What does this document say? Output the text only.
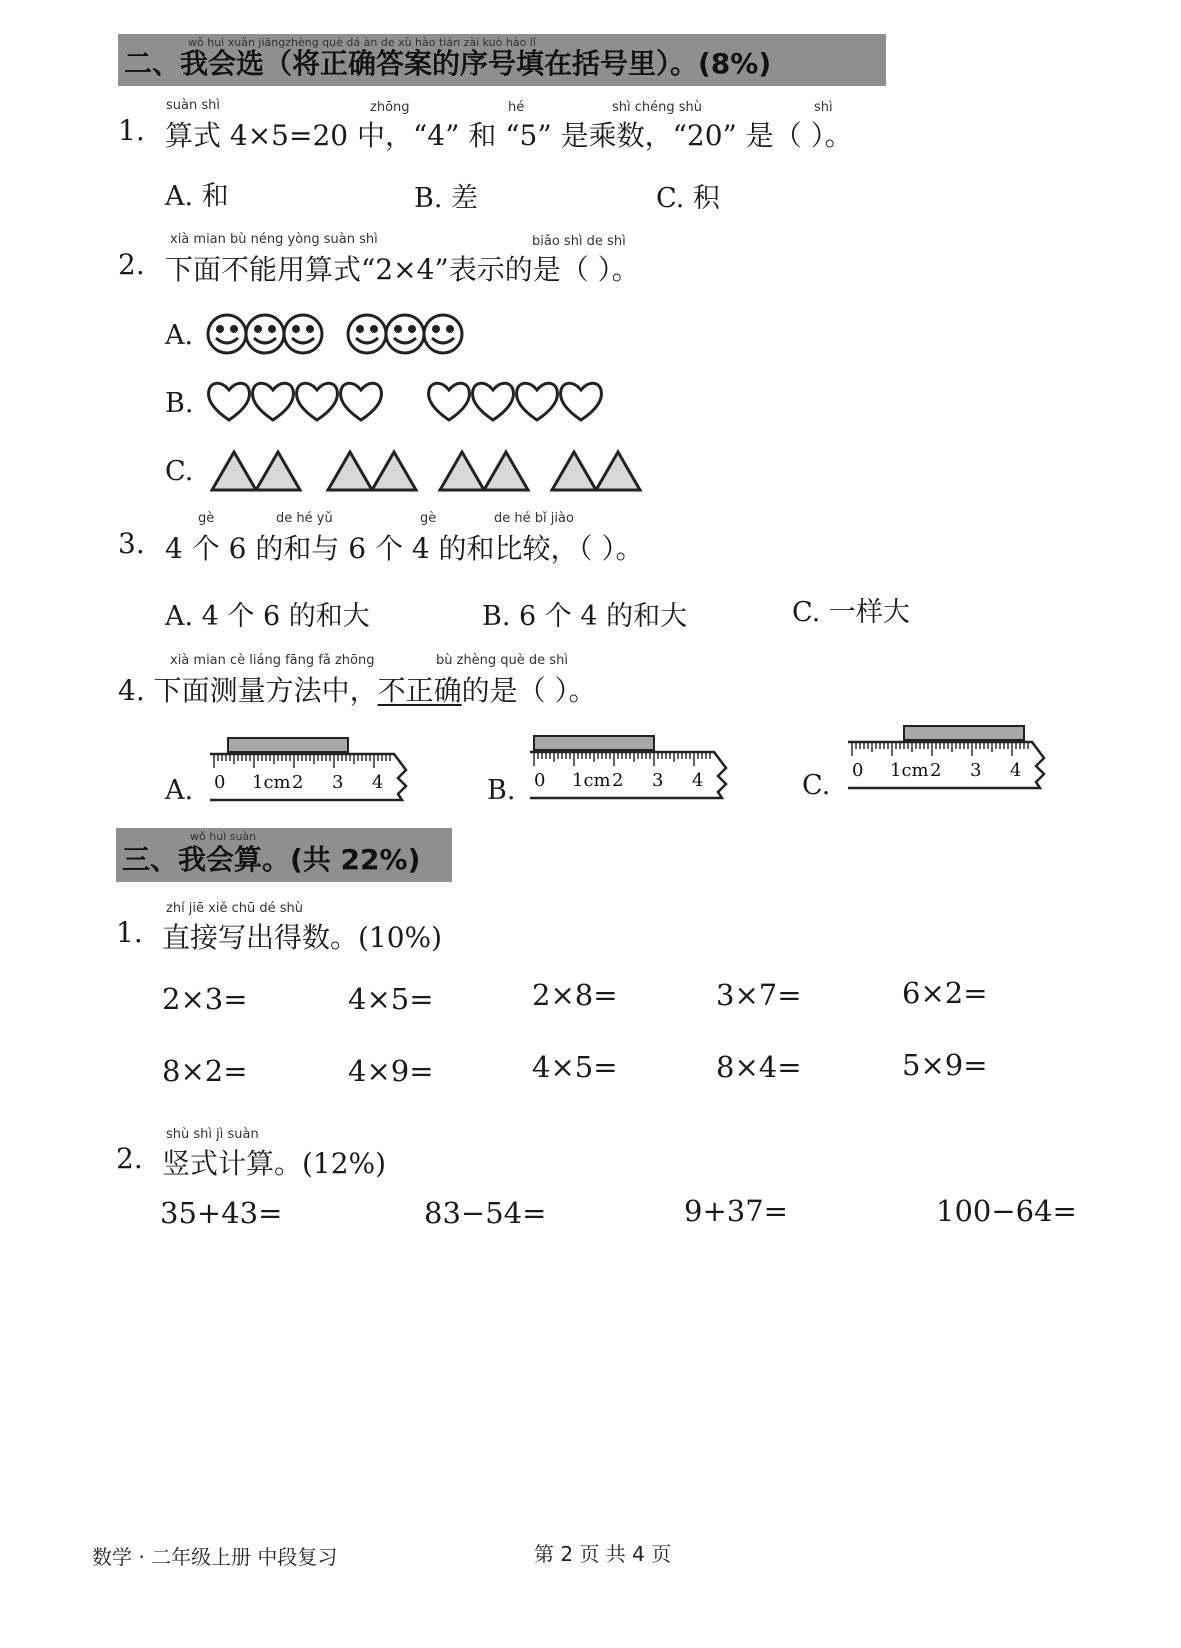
wǒ huì xuǎn jiāngzhèng què dá àn de xù hào tián zài kuò hào lǐ
二、我会选（将正确答案的序号填在括号里）。(8%)
suàn shì	zhōng	hé	shì chéng shù	shì
1. 算式 4×5=20 中，“4” 和 “5” 是乘数，“20” 是（ ）。
A. 和	B. 差	C. 积
xià mian bù néng yòng suàn shì	biǎo shì de shì
2. 下面不能用算式“2×4”表示的是（ ）。
A.
B.
C.
gè	de hé yǔ	gè	de hé bǐ jiào
3. 4 个 6 的和与 6 个 4 的和比较，（ ）。
A. 4 个 6 的和大	B. 6 个 4 的和大	C. 一样大
xià mian cè liáng fāng fǎ zhōng	bù zhèng què de shì
4. 下面测量方法中，不正确的是（ ）。
A. 0 1cm 2 3 4	B. 0 1cm 2 3 4	C. 0 1cm 2 3 4
wǒ huì suàn
三、我会算。(共 22%)
zhí jiē xiě chū dé shù
1. 直接写出得数。(10%)
2×3=	4×5=	2×8=	3×7=	6×2=
8×2=	4×9=	4×5=	8×4=	5×9=
shù shì jì suàn
2. 竖式计算。(12%)
35+43=	83−54=	9+37=	100−64=
数学 · 二年级上册 中段复习	第 2 页 共 4 页
